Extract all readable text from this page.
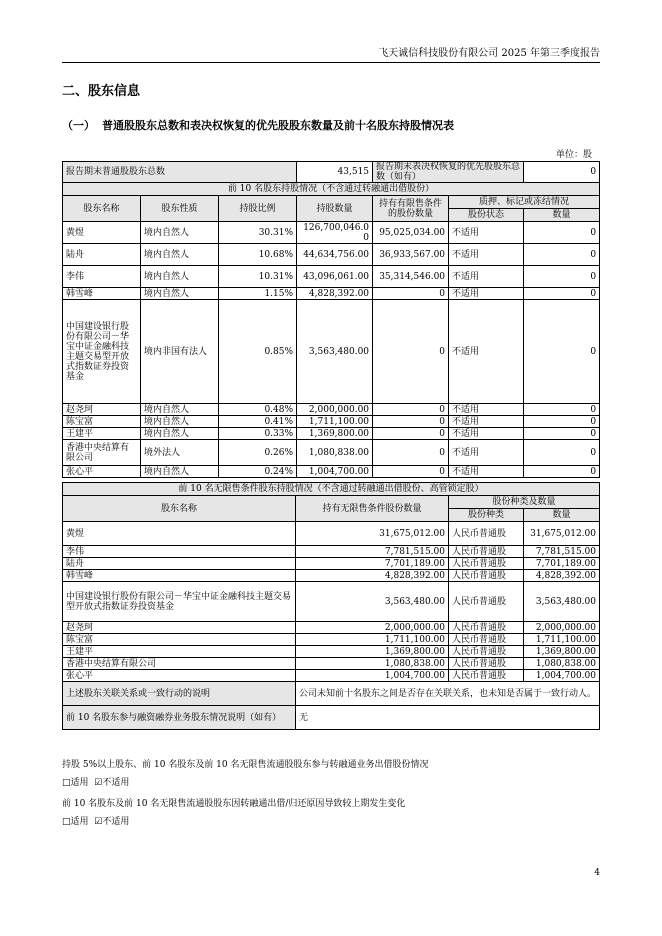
飞天诚信科技股份有限公司 2025 年第三季度报告
二、股东信息
（一） 普通股股东总数和表决权恢复的优先股股东数量及前十名股东持股情况表
单位：股
报告期末普通股股东总数			43,515	报告期末表决权恢复的优先股股东总数（如有）		0
前 10 名股东持股情况（不含通过转融通出借股份）						
股东名称	股东性质	持股比例	持股数量	持有有限售条件的股份数量	质押、标记或冻结情况	
					股份状态	数量
黄煜	境内自然人	30.31%	126,700,046.00	95,025,034.00	不适用	0
陆舟	境内自然人	10.68%	44,634,756.00	36,933,567.00	不适用	0
李伟	境内自然人	10.31%	43,096,061.00	35,314,546.00	不适用	0
韩雪峰	境内自然人	1.15%	4,828,392.00	0	不适用	0
中国建设银行股份有限公司－华宝中证金融科技主题交易型开放式指数证券投资基金	境内非国有法人	0.85%	3,563,480.00	0	不适用	0
赵尧珂	境内自然人	0.48%	2,000,000.00	0	不适用	0
陈宝富	境内自然人	0.41%	1,711,100.00	0	不适用	0
王建平	境内自然人	0.33%	1,369,800.00	0	不适用	0
香港中央结算有限公司	境外法人	0.26%	1,080,838.00	0	不适用	0
张心平	境内自然人	0.24%	1,004,700.00	0	不适用	0
前 10 名无限售条件股东持股情况（不含通过转融通出借股份、高管锁定股）			
股东名称	持有无限售条件股份数量	股份种类及数量	
		股份种类	数量
黄煜	31,675,012.00	人民币普通股	31,675,012.00
李伟	7,781,515.00	人民币普通股	7,781,515.00
陆舟	7,701,189.00	人民币普通股	7,701,189.00
韩雪峰	4,828,392.00	人民币普通股	4,828,392.00
中国建设银行股份有限公司－华宝中证金融科技主题交易型开放式指数证券投资基金	3,563,480.00	人民币普通股	3,563,480.00
赵尧珂	2,000,000.00	人民币普通股	2,000,000.00
陈宝富	1,711,100.00	人民币普通股	1,711,100.00
王建平	1,369,800.00	人民币普通股	1,369,800.00
香港中央结算有限公司	1,080,838.00	人民币普通股	1,080,838.00
张心平	1,004,700.00	人民币普通股	1,004,700.00
上述股东关联关系或一致行动的说明	公司未知前十名股东之间是否存在关联关系，也未知是否属于一致行动人。		
前 10 名股东参与融资融券业务股东情况说明（如有）	无		
持股 5%以上股东、前 10 名股东及前 10 名无限售流通股股东参与转融通业务出借股份情况
□适用 ☑不适用
前 10 名股东及前 10 名无限售流通股股东因转融通出借/归还原因导致较上期发生变化
□适用 ☑不适用
4
